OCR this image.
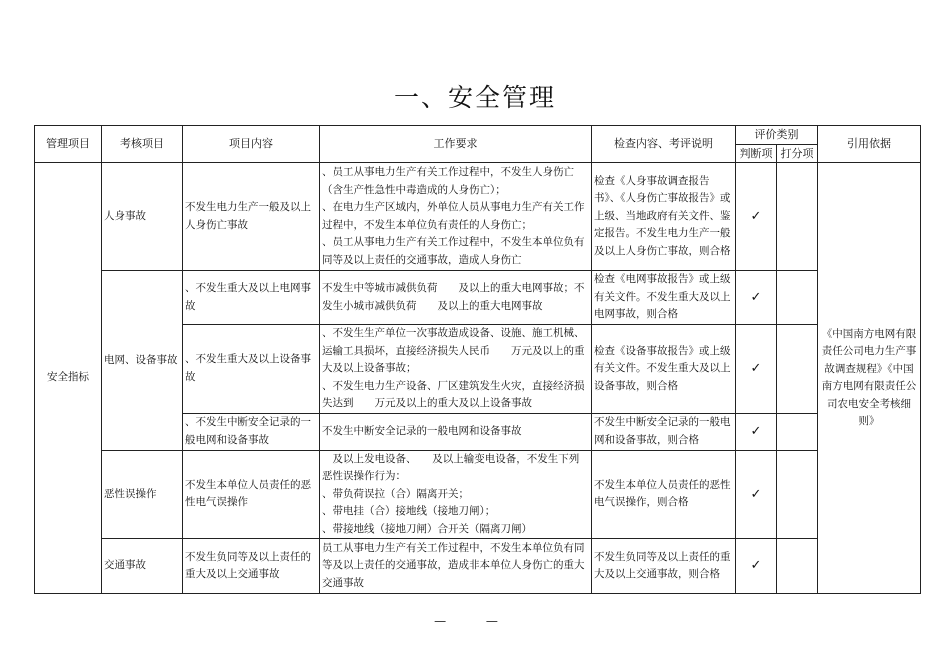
一、安全管理
管理项目	考核项目	项目内容	工作要求	检查内容、考评说明	评价类别		引用依据
					判断项	打分项	
安全指标	人身事故	不发生电力生产一般及以上人身伤亡事故	、员工从事电力生产有关工作过程中，不发生人身伤亡（含生产性急性中毒造成的人身伤亡）；
、在电力生产区域内，外单位人员从事电力生产有关工作过程中，不发生本单位负有责任的人身伤亡；
、员工从事电力生产有关工作过程中，不发生本单位负有同等及以上责任的交通事故，造成人身伤亡	检查《人身事故调查报告书》、《人身伤亡事故报告》或上级、当地政府有关文件、鉴定报告。不发生电力生产一般及以上人身伤亡事故，则合格	✓		《中国南方电网有限责任公司电力生产事故调查规程》《中国南方电网有限责任公司农电安全考核细则》
	电网、设备事故	、不发生重大及以上电网事故	不发生中等城市减供负荷　　及以上的重大电网事故；不发生小城市减供负荷　　及以上的重大电网事故	检查《电网事故报告》或上级有关文件。不发生重大及以上电网事故，则合格	✓		
		、不发生重大及以上设备事故	、不发生生产单位一次事故造成设备、设施、施工机械、运输工具损坏，直接经济损失人民币　　万元及以上的重大及以上设备事故；
、不发生电力生产设备、厂区建筑发生火灾，直接经济损失达到　　万元及以上的重大及以上设备事故	检查《设备事故报告》或上级有关文件。不发生重大及以上设备事故，则合格	✓		
		、不发生中断安全记录的一般电网和设备事故	不发生中断安全记录的一般电网和设备事故	不发生中断安全记录的一般电网和设备事故，则合格	✓		
	恶性误操作	不发生本单位人员责任的恶性电气误操作	　及以上发电设备、　　及以上输变电设备，不发生下列恶性误操作行为：
、带负荷误拉（合）隔离开关；
、带电挂（合）接地线（接地刀闸）；
、带接地线（接地刀闸）合开关（隔离刀闸）	不发生本单位人员责任的恶性电气误操作，则合格	✓		
	交通事故	不发生负同等及以上责任的重大及以上交通事故	员工从事电力生产有关工作过程中，不发生本单位负有同等及以上责任的交通事故，造成非本单位人身伤亡的重大交通事故	不发生负同等及以上责任的重大及以上交通事故，则合格	✓		
— —
